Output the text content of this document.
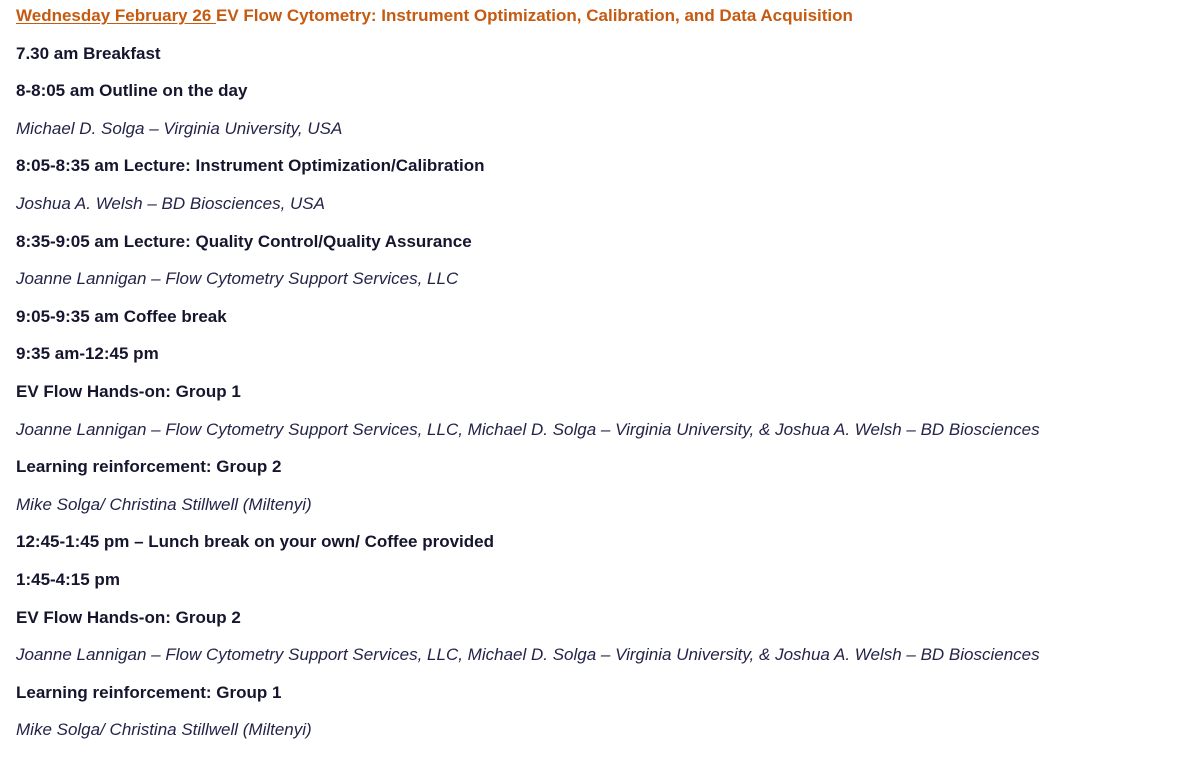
Wednesday February 26 EV Flow Cytometry: Instrument Optimization, Calibration, and Data Acquisition
7.30 am Breakfast
8-8:05 am Outline on the day
Michael D. Solga – Virginia University, USA
8:05-8:35 am Lecture: Instrument Optimization/Calibration
Joshua A. Welsh – BD Biosciences, USA
8:35-9:05 am Lecture: Quality Control/Quality Assurance
Joanne Lannigan – Flow Cytometry Support Services, LLC
9:05-9:35 am Coffee break
9:35 am-12:45 pm
EV Flow Hands-on: Group 1
Joanne Lannigan – Flow Cytometry Support Services, LLC, Michael D. Solga – Virginia University, & Joshua A. Welsh – BD Biosciences
Learning reinforcement: Group 2
Mike Solga/ Christina Stillwell (Miltenyi)
12:45-1:45 pm – Lunch break on your own/ Coffee provided
1:45-4:15 pm
EV Flow Hands-on: Group 2
Joanne Lannigan – Flow Cytometry Support Services, LLC, Michael D. Solga – Virginia University, & Joshua A. Welsh – BD Biosciences
Learning reinforcement: Group 1
Mike Solga/ Christina Stillwell (Miltenyi)
